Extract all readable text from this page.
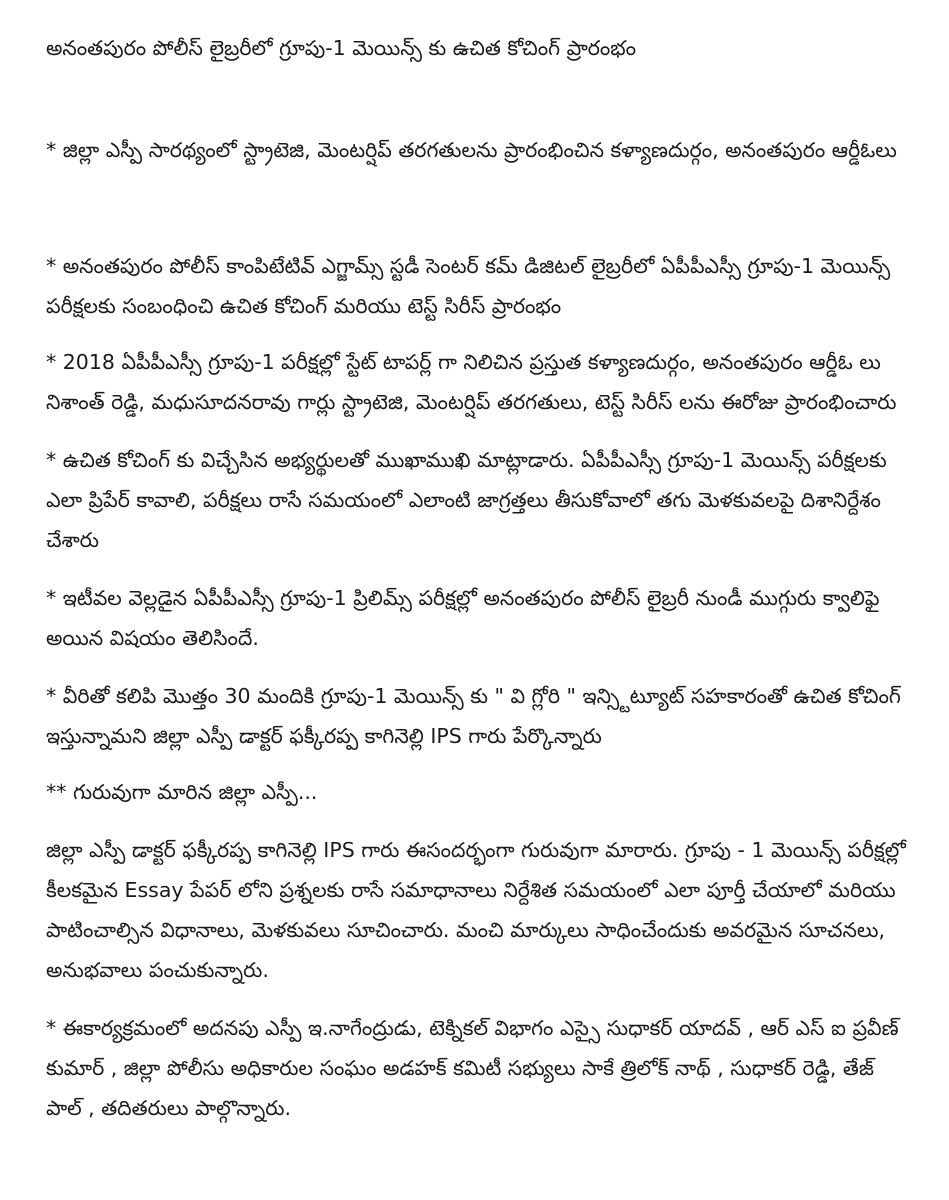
అనంతపురం పోలీస్ లైబ్రరీలో గ్రూపు-1 మెయిన్స్ కు ఉచిత కోచింగ్ ప్రారంభం

* జిల్లా ఎస్పీ సారథ్యంలో స్ట్రాటెజి, మెంటర్షిప్ తరగతులను ప్రారంభించిన కళ్యాణదుర్గం, అనంతపురం ఆర్డీఓలు

* అనంతపురం పోలీస్ కాంపిటేటివ్ ఎగ్జామ్స్ స్టడీ సెంటర్ కమ్ డిజిటల్ లైబ్రరీలో ఏపీపీఎస్సీ గ్రూపు-1 మెయిన్స్ పరీక్షలకు సంబంధించి ఉచిత కోచింగ్ మరియు టెస్ట్ సిరీస్ ప్రారంభం

* 2018 ఏపీపీఎస్సీ గ్రూపు-1 పరీక్షల్లో స్టేట్ టాపర్ల్ గా నిలిచిన ప్రస్తుత కళ్యాణదుర్గం, అనంతపురం ఆర్డీఓ లు నిశాంత్ రెడ్డి, మధుసూదనరావు గార్లు స్ట్రాటెజి, మెంటర్షిప్ తరగతులు, టెస్ట్ సిరీస్ లను ఈరోజు ప్రారంభించారు

* ఉచిత కోచింగ్ కు విచ్చేసిన అభ్యర్థులతో ముఖాముఖి మాట్లాడారు. ఏపీపీఎస్సీ గ్రూపు-1 మెయిన్స్ పరీక్షలకు ఎలా ప్రిపేర్ కావాలి, పరీక్షలు రాసే సమయంలో ఎలాంటి జాగ్రత్తలు తీసుకోవాలో తగు మెళకువలపై దిశానిర్దేశం చేశారు

* ఇటీవల వెల్లడైన ఏపీపీఎస్సీ గ్రూపు-1 ప్రిలిమ్స్ పరీక్షల్లో అనంతపురం పోలీస్ లైబ్రరీ నుండీ ముగ్గురు క్వాలిఫై అయిన విషయం తెలిసిందే.

* వీరితో కలిపి మొత్తం 30 మందికి గ్రూపు-1 మెయిన్స్ కు " వి గ్లోరి " ఇన్స్టిట్యూట్ సహకారంతో ఉచిత కోచింగ్ ఇస్తున్నామని జిల్లా ఎస్పీ డాక్టర్ ఫక్కీరప్ప కాగినెల్లి IPS గారు పేర్కొన్నారు

** గురువుగా మారిన జిల్లా ఎస్పీ...

జిల్లా ఎస్పీ డాక్టర్ ఫక్కీరప్ప కాగినెల్లి IPS గారు ఈసందర్భంగా గురువుగా మారారు. గ్రూపు - 1 మెయిన్స్ పరీక్షల్లో కీలకమైన Essay పేపర్ లోని ప్రశ్నలకు రాసే సమాధానాలు నిర్దేశిత సమయంలో ఎలా పూర్తీ చేయాలో మరియు పాటించాల్సిన విధానాలు, మెళకువలు సూచించారు. మంచి మార్కులు సాధించేందుకు అవరమైన సూచనలు, అనుభవాలు పంచుకున్నారు.

* ఈకార్యక్రమంలో అదనపు ఎస్పీ ఇ.నాగేంద్రుడు, టెక్నికల్ విభాగం ఎస్సై సుధాకర్ యాదవ్ , ఆర్ ఎస్ ఐ ప్రవీణ్ కుమార్ , జిల్లా పోలీసు అధికారుల సంఘం అడహక్ కమిటీ సభ్యులు సాకే త్రిలోక్ నాథ్ , సుధాకర్ రెడ్డి, తేజ్ పాల్ , తదితరులు పాల్గొన్నారు.
